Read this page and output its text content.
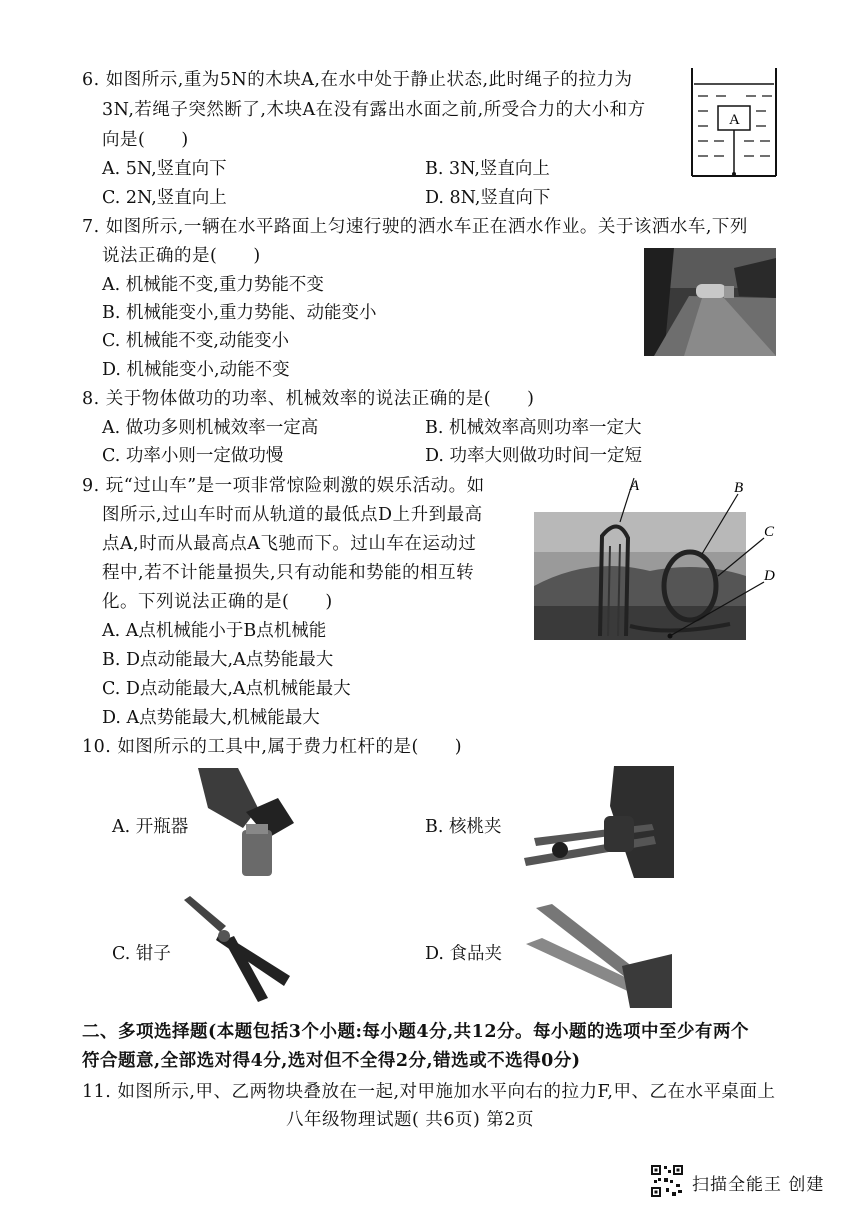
6. 如图所示,重为5N的木块A,在水中处于静止状态,此时绳子的拉力为
3N,若绳子突然断了,木块A在没有露出水面之前,所受合力的大小和方
向是(　　)
A. 5N,竖直向下	B. 3N,竖直向上
C. 2N,竖直向上	D. 8N,竖直向下
A
7. 如图所示,一辆在水平路面上匀速行驶的洒水车正在洒水作业。关于该洒水车,下列
说法正确的是(　　)
A. 机械能不变,重力势能不变
B. 机械能变小,重力势能、动能变小
C. 机械能不变,动能变小
D. 机械能变小,动能不变
8. 关于物体做功的功率、机械效率的说法正确的是(　　)
A. 做功多则机械效率一定高	B. 机械效率高则功率一定大
C. 功率小则一定做功慢	D. 功率大则做功时间一定短
9. 玩“过山车”是一项非常惊险刺激的娱乐活动。如
图所示,过山车时而从轨道的最低点D上升到最高
点A,时而从最高点A飞驰而下。过山车在运动过
程中,若不计能量损失,只有动能和势能的相互转
化。下列说法正确的是(　　)
A. A点机械能小于B点机械能
B. D点动能最大,A点势能最大
C. D点动能最大,A点机械能最大
D. A点势能最大,机械能最大
A	B
C
D
10. 如图所示的工具中,属于费力杠杆的是(　　)
A. 开瓶器	B. 核桃夹
C. 钳子	D. 食品夹
二、多项选择题(本题包括3个小题:每小题4分,共12分。每小题的选项中至少有两个
符合题意,全部选对得4分,选对但不全得2分,错选或不选得0分)
11. 如图所示,甲、乙两物块叠放在一起,对甲施加水平向右的拉力F,甲、乙在水平桌面上
八年级物理试题( 共6页) 第2页
扫描全能王 创建
